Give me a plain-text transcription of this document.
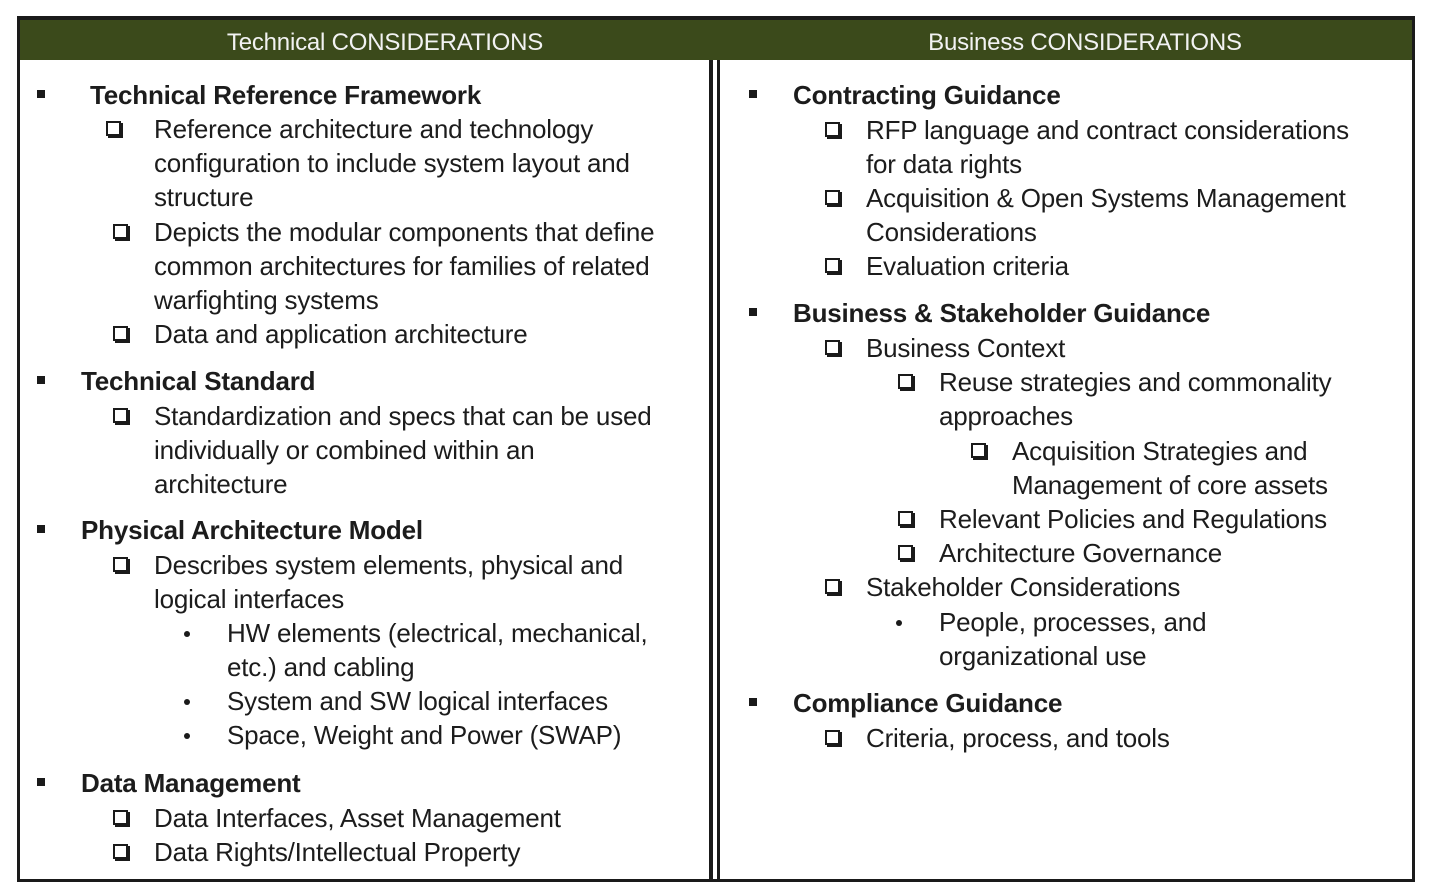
Technical CONSIDERATIONS	Business CONSIDERATIONS
Technical Reference Framework
Reference architecture and technology
configuration to include system layout and
structure
Depicts the modular components that define
common architectures for families of related
warfighting systems
Data and application architecture
Technical Standard
Standardization and specs that can be used
individually or combined within an
architecture
Physical Architecture Model
Describes system elements, physical and
logical interfaces
HW elements (electrical, mechanical,
etc.) and cabling
System and SW logical interfaces
Space, Weight and Power (SWAP)
Data Management
Data Interfaces, Asset Management
Data Rights/Intellectual Property
Contracting Guidance
RFP language and contract considerations
for data rights
Acquisition & Open Systems Management
Considerations
Evaluation criteria
Business & Stakeholder Guidance
Business Context
Reuse strategies and commonality
approaches
Acquisition Strategies and
Management of core assets
Relevant Policies and Regulations
Architecture Governance
Stakeholder Considerations
People, processes, and
organizational use
Compliance Guidance
Criteria, process, and tools
